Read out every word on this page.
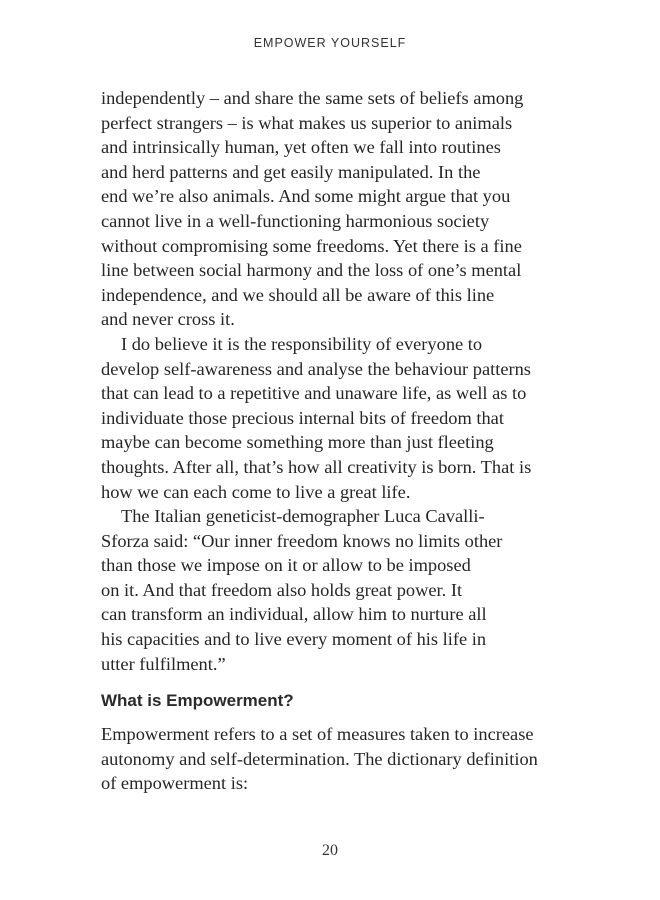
EMPOWER YOURSELF
independently – and share the same sets of beliefs among
perfect strangers – is what makes us superior to animals
and intrinsically human, yet often we fall into routines
and herd patterns and get easily manipulated. In the
end we’re also animals. And some might argue that you
cannot live in a well-functioning harmonious society
without compromising some freedoms. Yet there is a fine
line between social harmony and the loss of one’s mental
independence, and we should all be aware of this line
and never cross it.
I do believe it is the responsibility of everyone to
develop self-awareness and analyse the behaviour patterns
that can lead to a repetitive and unaware life, as well as to
individuate those precious internal bits of freedom that
maybe can become something more than just fleeting
thoughts. After all, that’s how all creativity is born. That is
how we can each come to live a great life.
The Italian geneticist-demographer Luca Cavalli-
Sforza said: “Our inner freedom knows no limits other
than those we impose on it or allow to be imposed
on it. And that freedom also holds great power. It
can transform an individual, allow him to nurture all
his capacities and to live every moment of his life in
utter fulfilment.”
What is Empowerment?
Empowerment refers to a set of measures taken to increase
autonomy and self-determination. The dictionary definition
of empowerment is:
20
